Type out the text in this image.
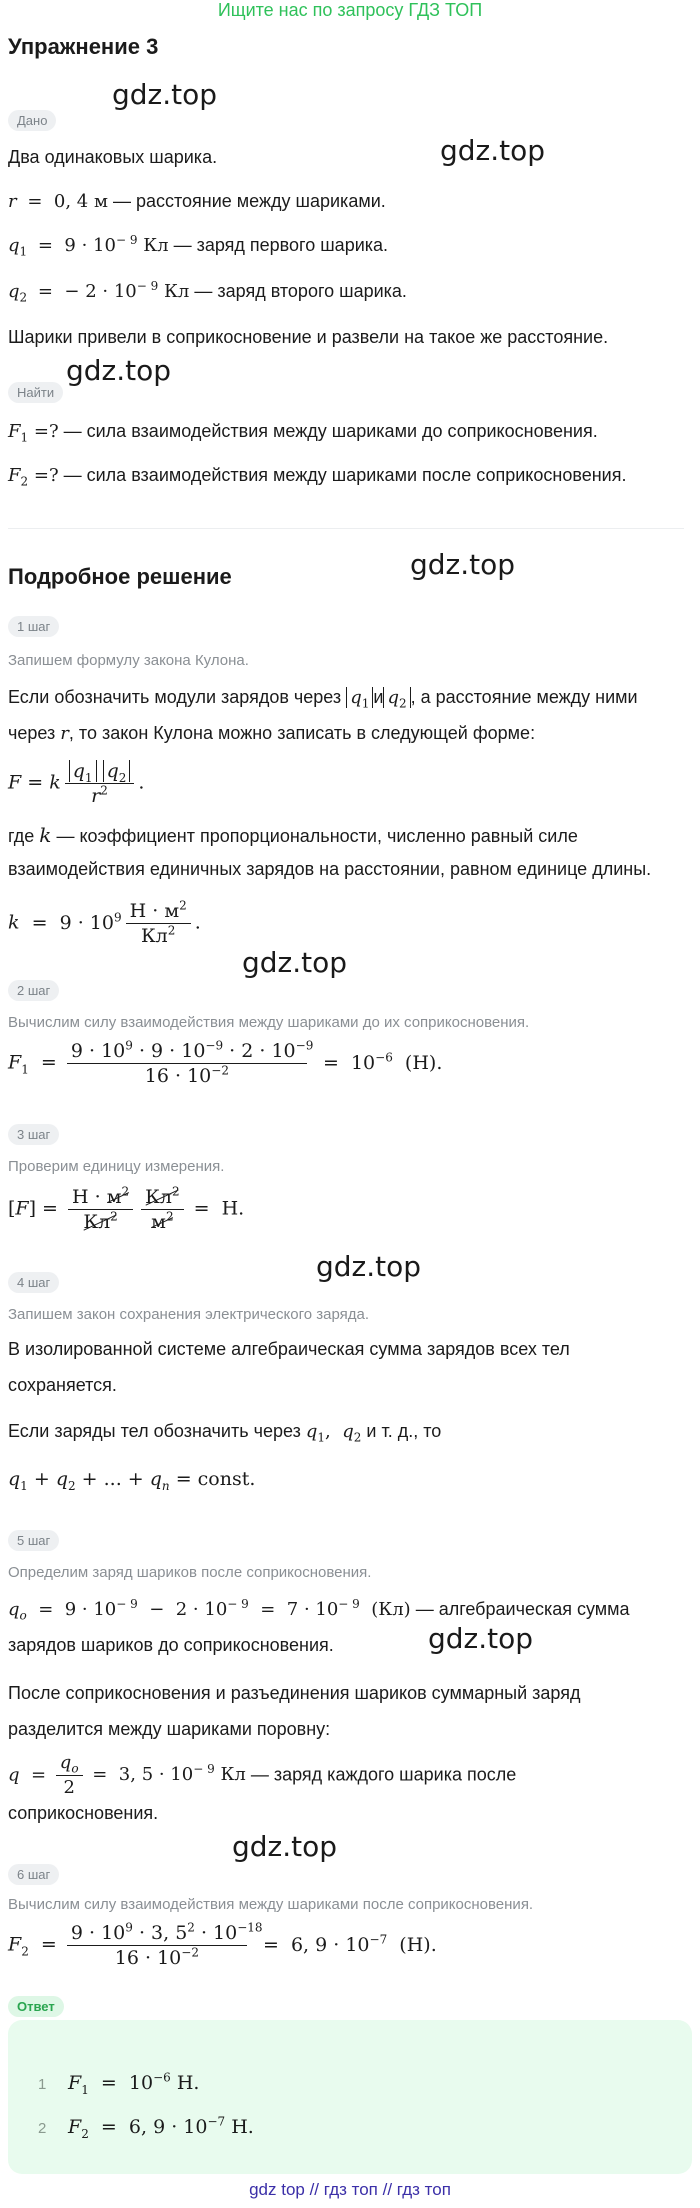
Ищите нас по запросу ГДЗ ТОП
Упражнение 3
gdz.top
gdz.top
gdz.top
gdz.top
gdz.top
gdz.top
gdz.top
gdz.top
Дано
Два одинаковых шарика.
r  =  0, 4 м — расстояние между шариками.
$q_1 = 9 \cdot 10^{- 9}$ Кл — заряд первого шарика.
$q_2$  =  − $2 \cdot 10^{- 9}$ Кл — заряд второго шарика.
Шарики привели в соприкосновение и развели на такое же расстояние.
Найти
$F_1$ =? — сила взаимодействия между шариками до соприкосновения.
$F_2$ =? — сила взаимодействия между шариками после соприкосновения.
Подробное решение
1 шаг
Запишем формулу закона Кулона.
Если обозначить модули зарядов через $q_1$ и $q_2$ , а расстояние между ними
через r, то закон Кулона можно записать в следующей форме:
F = k $\frac{q_1 q_2}{r^2}$ .
где k — коэффициент пропорциональности, численно равный силе
взаимодействия единичных зарядов на расстоянии, равном единице длины.
$k = 9 \cdot 10^9 \frac{Н \cdot м^2}{Кл^2}$ .
2 шаг
Вычислим силу взаимодействия между шариками до их соприкосновения.
$F_1 = \frac{9 \cdot 10^9 \cdot 9 \cdot 10^{-9} \cdot 2 \cdot 10^{-9}}{16 \cdot 10^{-2}} = 10^{-6}$  (Н).
3 шаг
Проверим единицу измерения.
$[F] = \frac{Н \cdot м^2}{Кл^2} \frac{Кл^2}{м^2} = Н$.
4 шаг
Запишем закон сохранения электрического заряда.
В изолированной системе алгебраическая сумма зарядов всех тел
сохраняется.
Если заряды тел обозначить через $q_1$,  $q_2$ и т. д., то
$q_1 + q_2$ + ... + $q_n$ = const.
5 шаг
Определим заряд шариков после соприкосновения.
$q_o = 9 \cdot 10^{- 9} - 2 \cdot 10^{- 9} = 7 \cdot 10^{- 9}$  (Кл) — алгебраическая сумма
зарядов шариков до соприкосновения.
После соприкосновения и разъединения шариков суммарный заряд
разделится между шариками поровну:
$q = \frac{q_o}{2} = 3$, $5 \cdot 10^{- 9}$ Кл — заряд каждого шарика после
соприкосновения.
6 шаг
Вычислим силу взаимодействия между шариками после соприкосновения.
$F_2 = \frac{9 \cdot 10^9 \cdot 3, 5^2 \cdot 10^{-18}}{16 \cdot 10^{-2}} = 6$, $9 \cdot 10^{-7}$  (Н).
Ответ
1 $F_1 = 10^{-6}$ Н.
2 $F_2 = 6$, $9 \cdot 10^{-7}$ Н.
gdz top // гдз топ // гдз топ
